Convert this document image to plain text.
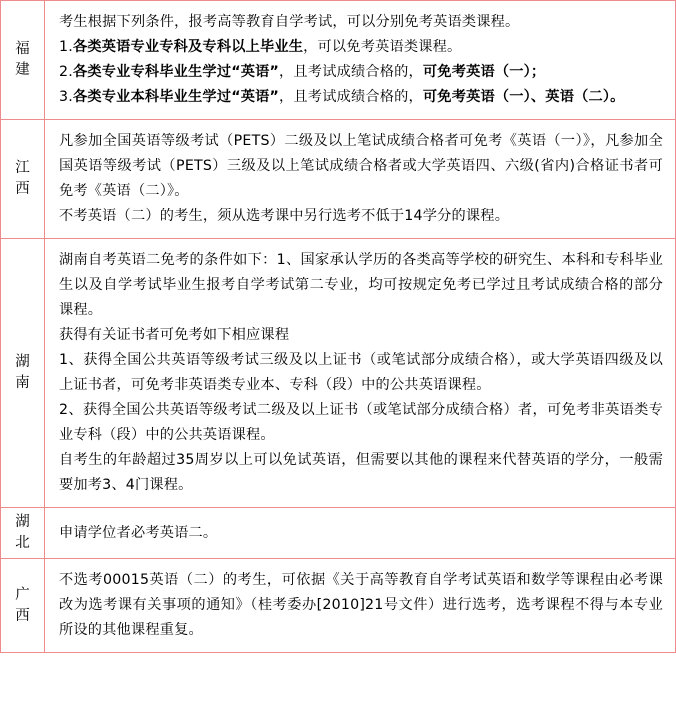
福建	考生根据下列条件，报考高等教育自学考试，可以分别免考英语类课程。

1.各类英语专业专科及专科以上毕业生，可以免考英语类课程。

2.各类专业专科毕业生学过“英语”，且考试成绩合格的，可免考英语（一）；

3.各类专业本科毕业生学过“英语”，且考试成绩合格的，可免考英语（一）、英语（二）。

江西	凡参加全国英语等级考试（PETS）二级及以上笔试成绩合格者可免考《英语（一）》，凡参加全国英语等级考试（PETS）三级及以上笔试成绩合格者或大学英语四、六级(省内)合格证书者可免考《英语（二）》。

不考英语（二）的考生，须从选考课中另行选考不低于14学分的课程。

湖南	湖南自考英语二免考的条件如下：1、国家承认学历的各类高等学校的研究生、本科和专科毕业生以及自学考试毕业生报考自学考试第二专业，均可按规定免考已学过且考试成绩合格的部分课程。

获得有关证书者可免考如下相应课程

1、获得全国公共英语等级考试三级及以上证书（或笔试部分成绩合格），或大学英语四级及以上证书者，可免考非英语类专业本、专科（段）中的公共英语课程。

2、获得全国公共英语等级考试二级及以上证书（或笔试部分成绩合格）者，可免考非英语类专业专科（段）中的公共英语课程。

自考生的年龄超过35周岁以上可以免试英语，但需要以其他的课程来代替英语的学分，一般需要加考3、4门课程。

湖北	申请学位者必考英语二。

广西	不选考00015英语（二）的考生，可依据《关于高等教育自学考试英语和数学等课程由必考课改为选考课有关事项的通知》（桂考委办[2010]21号文件）进行选考，选考课程不得与本专业所设的其他课程重复。
